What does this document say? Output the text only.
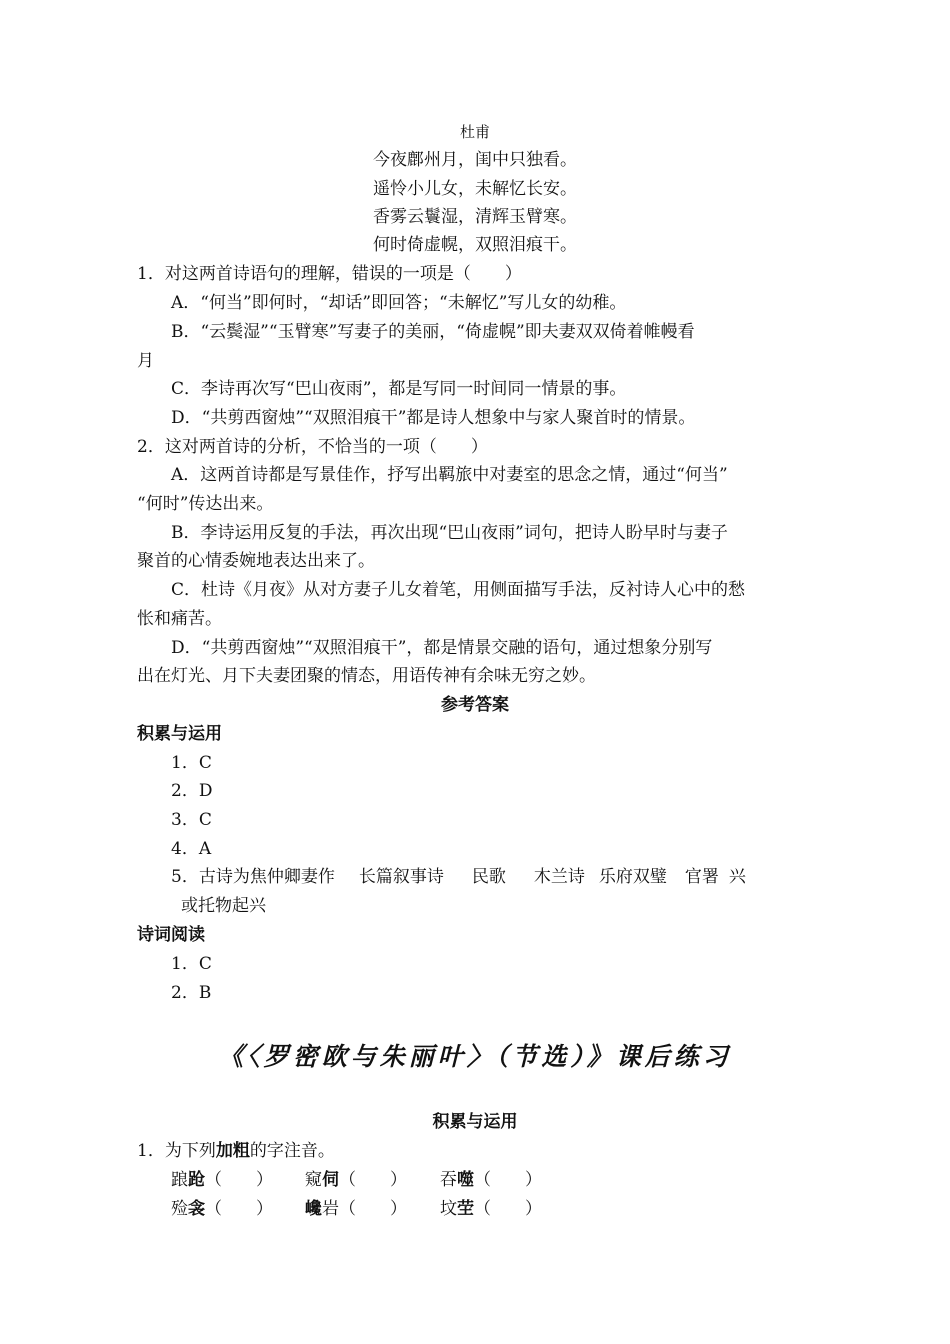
杜甫
今夜鄜州月，闺中只独看。
遥怜小儿女，未解忆长安。
香雾云鬟湿，清辉玉臂寒。
何时倚虚幌，双照泪痕干。
1．对这两首诗语句的理解，错误的一项是（　　）
A．“何当”即何时，“却话”即回答；“未解忆”写儿女的幼稚。
B．“云鬓湿”“玉臂寒”写妻子的美丽，“倚虚幌”即夫妻双双倚着帷幔看
月
C．李诗再次写“巴山夜雨”，都是写同一时间同一情景的事。
D．“共剪西窗烛”“双照泪痕干”都是诗人想象中与家人聚首时的情景。
2．这对两首诗的分析，不恰当的一项（　　）
A．这两首诗都是写景佳作，抒写出羁旅中对妻室的思念之情，通过“何当”
“何时”传达出来。
B．李诗运用反复的手法，再次出现“巴山夜雨”词句，把诗人盼早时与妻子
聚首的心情委婉地表达出来了。
C．杜诗《月夜》从对方妻子儿女着笔，用侧面描写手法，反衬诗人心中的愁
怅和痛苦。
D．“共剪西窗烛”“双照泪痕干”，都是情景交融的语句，通过想象分别写
出在灯光、月下夫妻团聚的情态，用语传神有余味无穷之妙。
参考答案
积累与运用
1．C
2．D
3．C
4．A
5．古诗为焦仲卿妻作 长篇叙事诗 民歌 木兰诗 乐府双璧 官署 兴
或托物起兴
诗词阅读
1．C
2．B
《〈罗密欧与朱丽叶〉（节选）》课后练习
积累与运用
1．为下列加粗的字注音。
踉跄（　　） 窥伺（　　） 吞噬（　　）
殓衾（　　） 巉岩（　　） 坟茔（　　）
